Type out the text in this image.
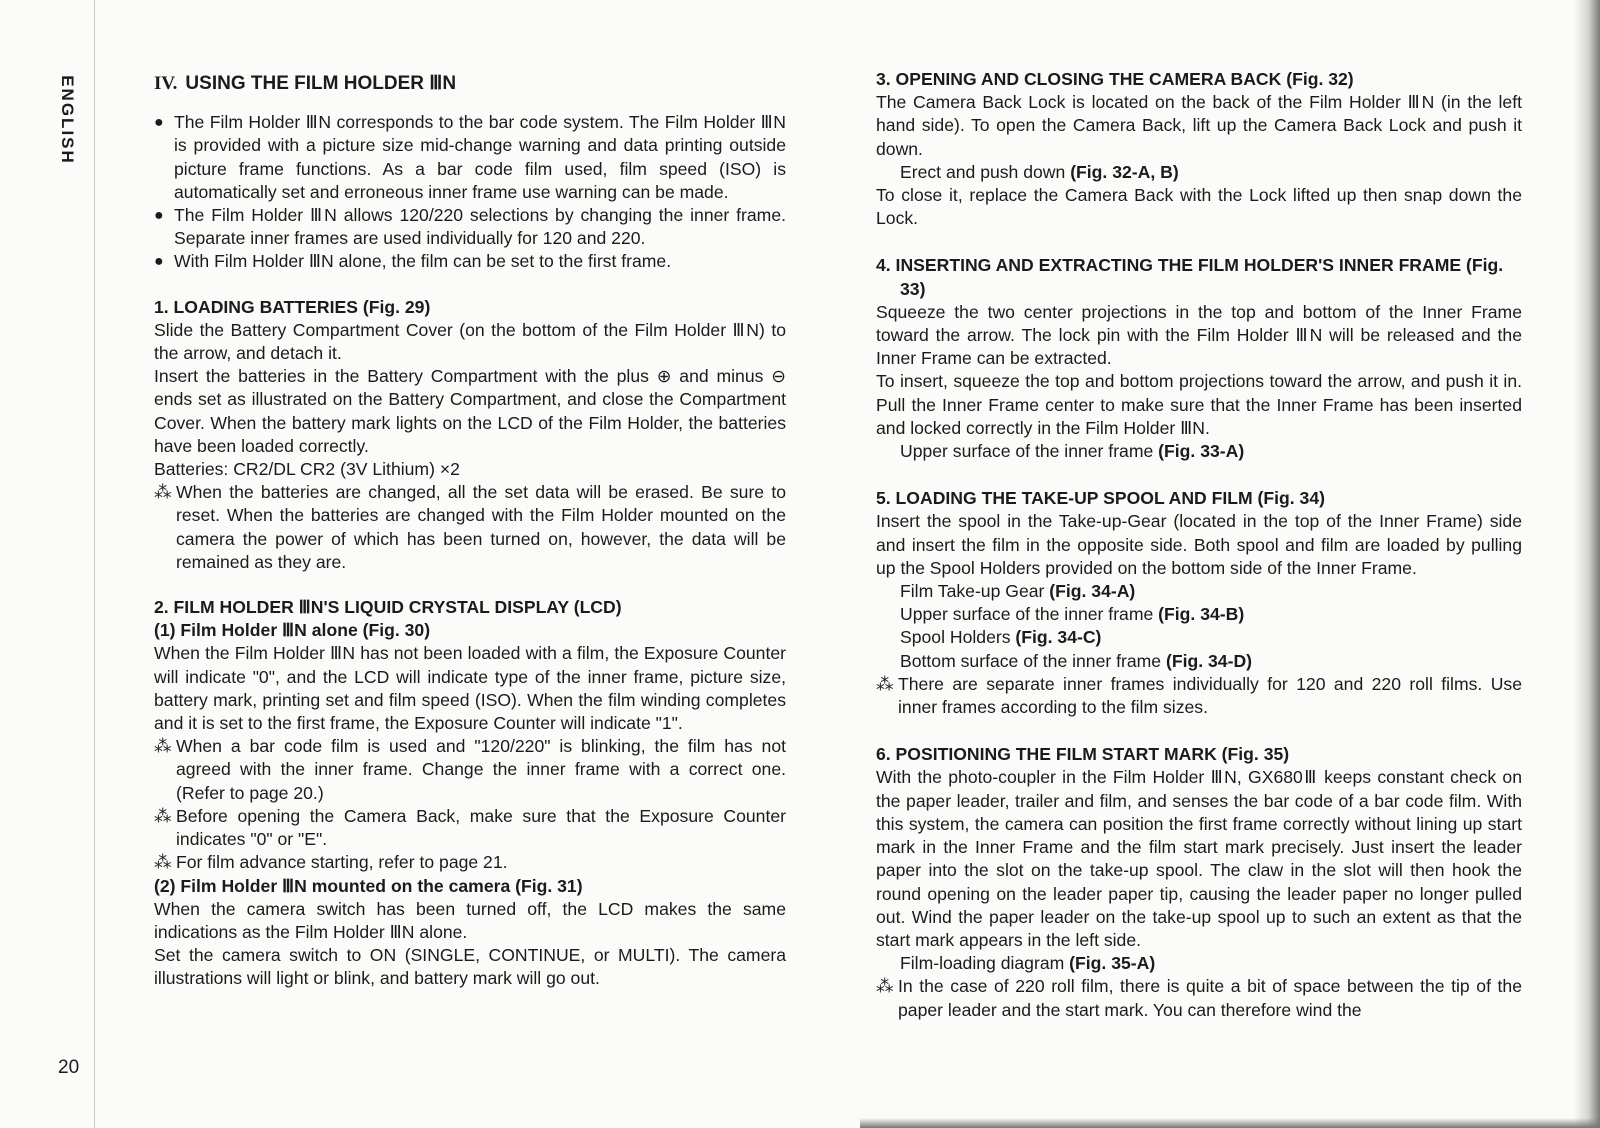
ENGLISH
20
IV. USING THE FILM HOLDER ⅢN
● The Film Holder ⅢN corresponds to the bar code system. The Film Holder ⅢN is provided with a picture size mid-change warning and data printing outside picture frame functions. As a bar code film used, film speed (ISO) is automatically set and erroneous inner frame use warning can be made.
● The Film Holder ⅢN allows 120/220 selections by changing the inner frame. Separate inner frames are used individually for 120 and 220.
● With Film Holder ⅢN alone, the film can be set to the first frame.
1. LOADING BATTERIES (Fig. 29)

Slide the Battery Compartment Cover (on the bottom of the Film Holder ⅢN) to the arrow, and detach it.

Insert the batteries in the Battery Compartment with the plus ⊕ and minus ⊖ ends set as illustrated on the Battery Compartment, and close the Compartment Cover. When the battery mark lights on the LCD of the Film Holder, the batteries have been loaded correctly.

Batteries: CR2/DL CR2 (3V Lithium) ×2

⁂ When the batteries are changed, all the set data will be erased. Be sure to reset. When the batteries are changed with the Film Holder mounted on the camera the power of which has been turned on, however, the data will be remained as they are.
2. FILM HOLDER ⅢN'S LIQUID CRYSTAL DISPLAY (LCD)
(1) Film Holder ⅢN alone (Fig. 30)

When the Film Holder ⅢN has not been loaded with a film, the Exposure Counter will indicate "0", and the LCD will indicate type of the inner frame, picture size, battery mark, printing set and film speed (ISO). When the film winding completes and it is set to the first frame, the Exposure Counter will indicate "1".

⁂ When a bar code film is used and "120/220" is blinking, the film has not agreed with the inner frame. Change the inner frame with a correct one. (Refer to page 20.)
⁂ Before opening the Camera Back, make sure that the Exposure Counter indicates "0" or "E".
⁂ For film advance starting, refer to page 21.
(2) Film Holder ⅢN mounted on the camera (Fig. 31)

When the camera switch has been turned off, the LCD makes the same indications as the Film Holder ⅢN alone.

Set the camera switch to ON (SINGLE, CONTINUE, or MULTI). The camera illustrations will light or blink, and battery mark will go out.

3. OPENING AND CLOSING THE CAMERA BACK (Fig. 32)

The Camera Back Lock is located on the back of the Film Holder ⅢN (in the left hand side). To open the Camera Back, lift up the Camera Back Lock and push it down.

Erect and push down (Fig. 32-A, B)

To close it, replace the Camera Back with the Lock lifted up then snap down the Lock.

4. INSERTING AND EXTRACTING THE FILM HOLDER'S INNER FRAME (Fig. 33)

Squeeze the two center projections in the top and bottom of the Inner Frame toward the arrow. The lock pin with the Film Holder ⅢN will be released and the Inner Frame can be extracted.

To insert, squeeze the top and bottom projections toward the arrow, and push it in. Pull the Inner Frame center to make sure that the Inner Frame has been inserted and locked correctly in the Film Holder ⅢN.

Upper surface of the inner frame (Fig. 33-A)

5. LOADING THE TAKE-UP SPOOL AND FILM (Fig. 34)

Insert the spool in the Take-up-Gear (located in the top of the Inner Frame) side and insert the film in the opposite side. Both spool and film are loaded by pulling up the Spool Holders provided on the bottom side of the Inner Frame.

Film Take-up Gear (Fig. 34-A)

Upper surface of the inner frame (Fig. 34-B)

Spool Holders (Fig. 34-C)

Bottom surface of the inner frame (Fig. 34-D)

⁂ There are separate inner frames individually for 120 and 220 roll films. Use inner frames according to the film sizes.
6. POSITIONING THE FILM START MARK (Fig. 35)

With the photo-coupler in the Film Holder ⅢN, GX680Ⅲ keeps constant check on the paper leader, trailer and film, and senses the bar code of a bar code film. With this system, the camera can position the first frame correctly without lining up start mark in the Inner Frame and the film start mark precisely. Just insert the leader paper into the slot on the take-up spool. The claw in the slot will then hook the round opening on the leader paper tip, causing the leader paper no longer pulled out. Wind the paper leader on the take-up spool up to such an extent as that the start mark appears in the left side.

Film-loading diagram (Fig. 35-A)

⁂ In the case of 220 roll film, there is quite a bit of space between the tip of the paper leader and the start mark. You can therefore wind the
